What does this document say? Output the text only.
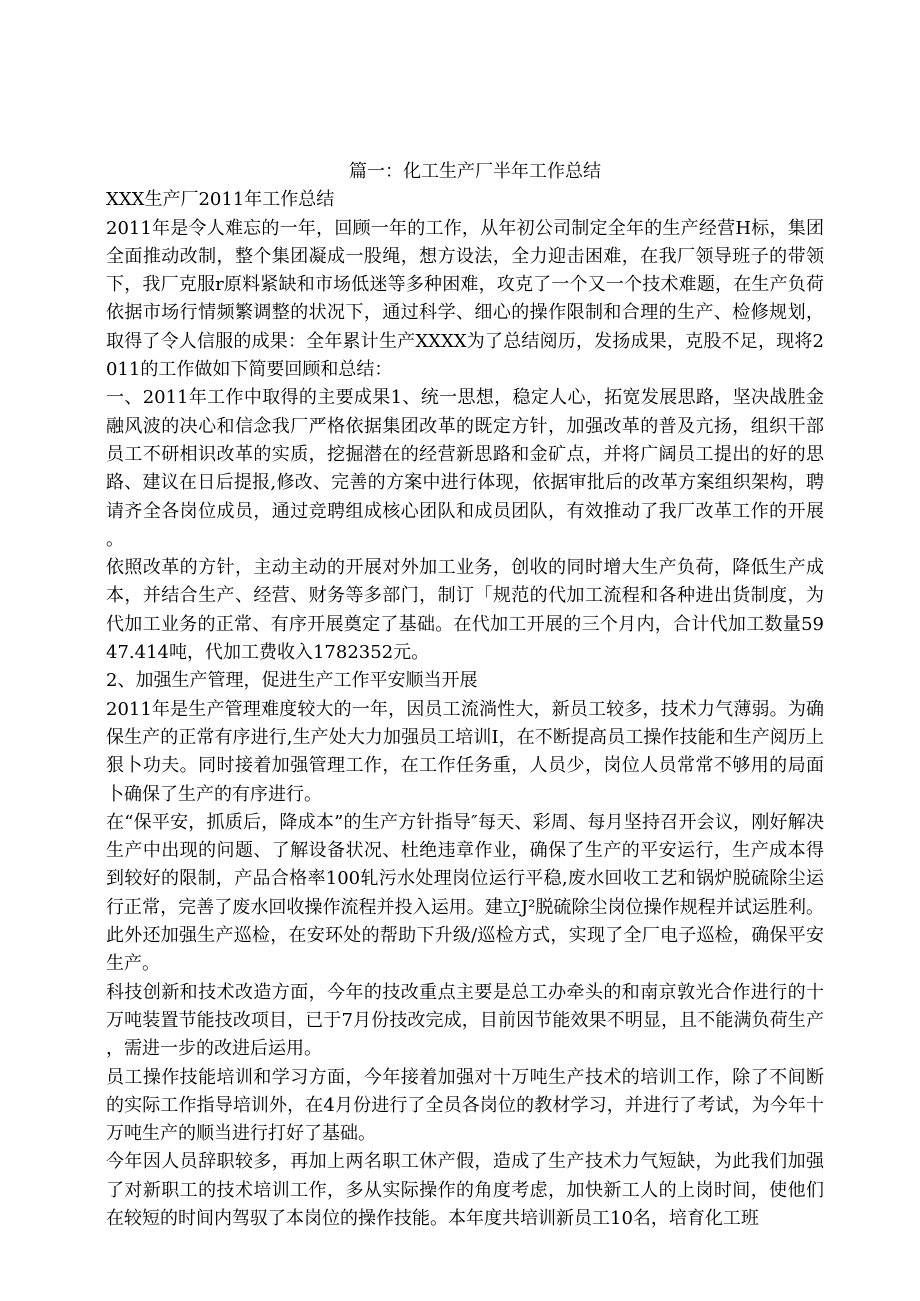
篇一：化工生产厂半年工作总结

XXX生产厂2011年工作总结

2011年是令人难忘的一年，回顾一年的工作，从年初公司制定全年的生产经营H标，集团全面推动改制，整个集团凝成一股绳，想方设法，全力迎击困难，在我厂领导班子的带领下，我厂克服r原料紧缺和市场低迷等多种困难，攻克了一个又一个技术难题，在生产负荷依据市场行情频繁调整的状况下，通过科学、细心的操作限制和合理的生产、检修规划，取得了令人信服的成果：全年累计生产XXXX为了总结阅历，发扬成果，克股不足，现将2011的工作做如下简要回顾和总结：

一、2011年工作中取得的主要成果1、统一思想，稳定人心，拓宽发展思路，坚决战胜金融风波的决心和信念我厂严格依据集团改革的既定方针，加强改革的普及亢扬，组织干部员工不研相识改革的实质，挖掘潜在的经营新思路和金矿点，并将广阔员工提出的好的思路、建议在日后提报,修改、完善的方案中进行体现，依据审批后的改革方案组织架构，聘请齐全各岗位成员，通过竞聘组成核心团队和成员团队，有效推动了我厂改革工作的开展。

依照改革的方针，主动主动的开展对外加工业务，创收的同时增大生产负荷，降低生产成本，并结合生产、经营、财务等多部门，制订「规范的代加工流程和各种进出货制度，为代加工业务的正常、有序开展奠定了基础。在代加工开展的三个月内，合计代加工数量5947.414吨，代加工费收入1782352元。

2、加强生产管理，促进生产工作平安顺当开展

2011年是生产管理难度较大的一年，因员工流淌性大，新员工较多，技术力气薄弱。为确保生产的正常有序进行,生产处大力加强员工培训I，在不断提高员工操作技能和生产阅历上狠卜功夫。同时接着加强管理工作，在工作任务重，人员少，岗位人员常常不够用的局面卜确保了生产的有序进行。

在“保平安，抓质后，降成本”的生产方针指导″每天、彩周、每月坚持召开会议，刚好解决生产中出现的问题、了解设备状况、杜绝违章作业，确保了生产的平安运行，生产成本得到较好的限制，产品合格率100轧污水处理岗位运行平稳,废水回收工艺和锅炉脱硫除尘运行正常，完善了废水回收操作流程并投入运用。建立J²脱硫除尘岗位操作规程并试运胜利。此外还加强生产巡检，在安环处的帮助下升级/巡检方式，实现了全厂电子巡检，确保平安生产。

科技创新和技术改造方面，今年的技改重点主要是总工办牵头的和南京敦光合作进行的十万吨装置节能技改项目，已于7月份技改完成，目前因节能效果不明显，且不能满负荷生产，需进一步的改进后运用。

员工操作技能培训和学习方面，今年接着加强对十万吨生产技术的培训工作，除了不间断的实际工作指导培训外，在4月份进行了全员各岗位的教材学习，并进行了考试，为今年十万吨生产的顺当进行打好了基础。

今年因人员辞职较多，再加上两名职工休产假，造成了生产技术力气短缺，为此我们加强了对新职工的技术培训工作，多从实际操作的角度考虑，加快新工人的上岗时间，使他们在较短的时间内驾驭了本岗位的操作技能。本年度共培训新员工10名，培育化工班
